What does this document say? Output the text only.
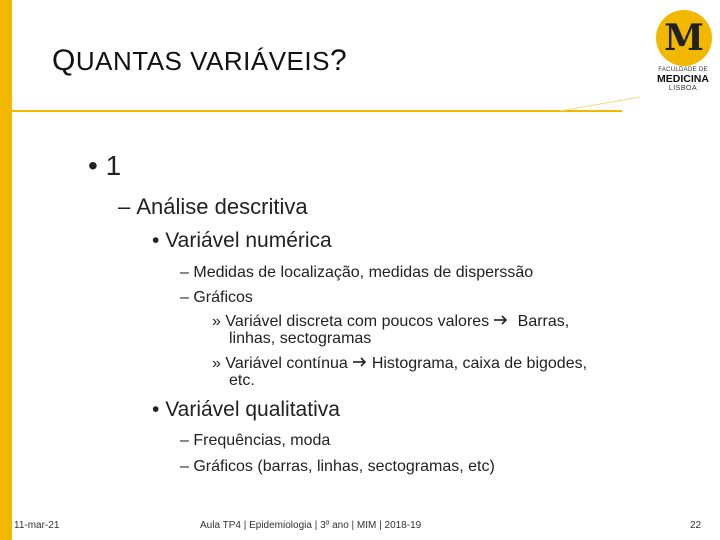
QUANTAS VARIÁVEIS?
M
FACULDADE DE
MEDICINA
LISBOA
• 1
– Análise descritiva
• Variável numérica
– Medidas de localização, medidas de disperssão
– Gráficos
» Variável discreta com poucos valores Barras,
linhas, sectogramas
» Variável contínua Histograma, caixa de bigodes,
etc.
• Variável qualitativa
– Frequências, moda
– Gráficos (barras, linhas, sectogramas, etc)
11-mar-21	Aula TP4 | Epidemiologia | 3º ano | MIM | 2018-19	22
